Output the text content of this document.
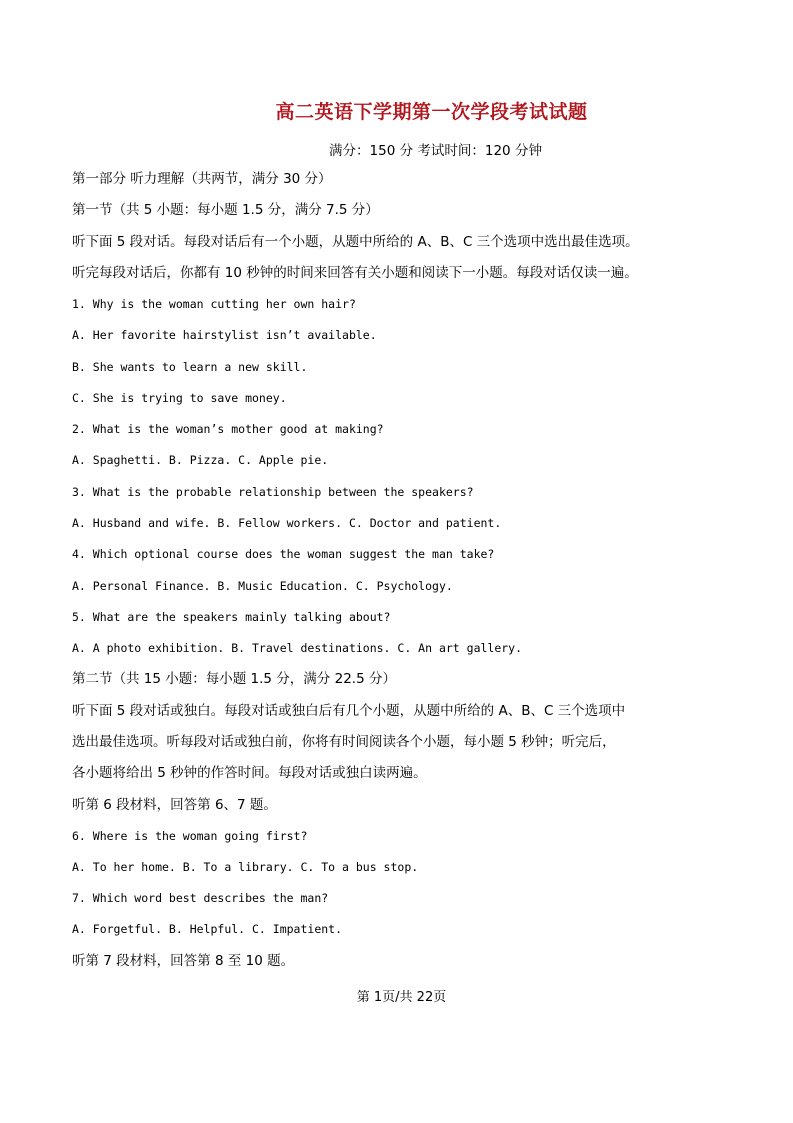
高二英语下学期第一次学段考试试题
满分：150 分 考试时间：120 分钟
第一部分 听力理解（共两节，满分 30 分）
第一节（共 5 小题：每小题 1.5 分，满分 7.5 分）
听下面 5 段对话。每段对话后有一个小题，从题中所给的 A、B、C 三个选项中选出最佳选项。
听完每段对话后，你都有 10 秒钟的时间来回答有关小题和阅读下一小题。每段对话仅读一遍。
1. Why is the woman cutting her own hair?
A. Her favorite hairstylist isn’t available.
B. She wants to learn a new skill.
C. She is trying to save money.
2. What is the woman’s mother good at making?
A. Spaghetti. B. Pizza. C. Apple pie.
3. What is the probable relationship between the speakers?
A. Husband and wife. B. Fellow workers. C. Doctor and patient.
4. Which optional course does the woman suggest the man take?
A. Personal Finance. B. Music Education. C. Psychology.
5. What are the speakers mainly talking about?
A. A photo exhibition. B. Travel destinations. C. An art gallery.
第二节（共 15 小题：每小题 1.5 分，满分 22.5 分）
听下面 5 段对话或独白。每段对话或独白后有几个小题，从题中所给的 A、B、C 三个选项中
选出最佳选项。听每段对话或独白前，你将有时间阅读各个小题，每小题 5 秒钟；听完后，
各小题将给出 5 秒钟的作答时间。每段对话或独白读两遍。
听第 6 段材料，回答第 6、7 题。
6. Where is the woman going first?
A. To her home. B. To a library. C. To a bus stop.
7. Which word best describes the man?
A. Forgetful. B. Helpful. C. Impatient.
听第 7 段材料，回答第 8 至 10 题。
第 1页/共 22页
